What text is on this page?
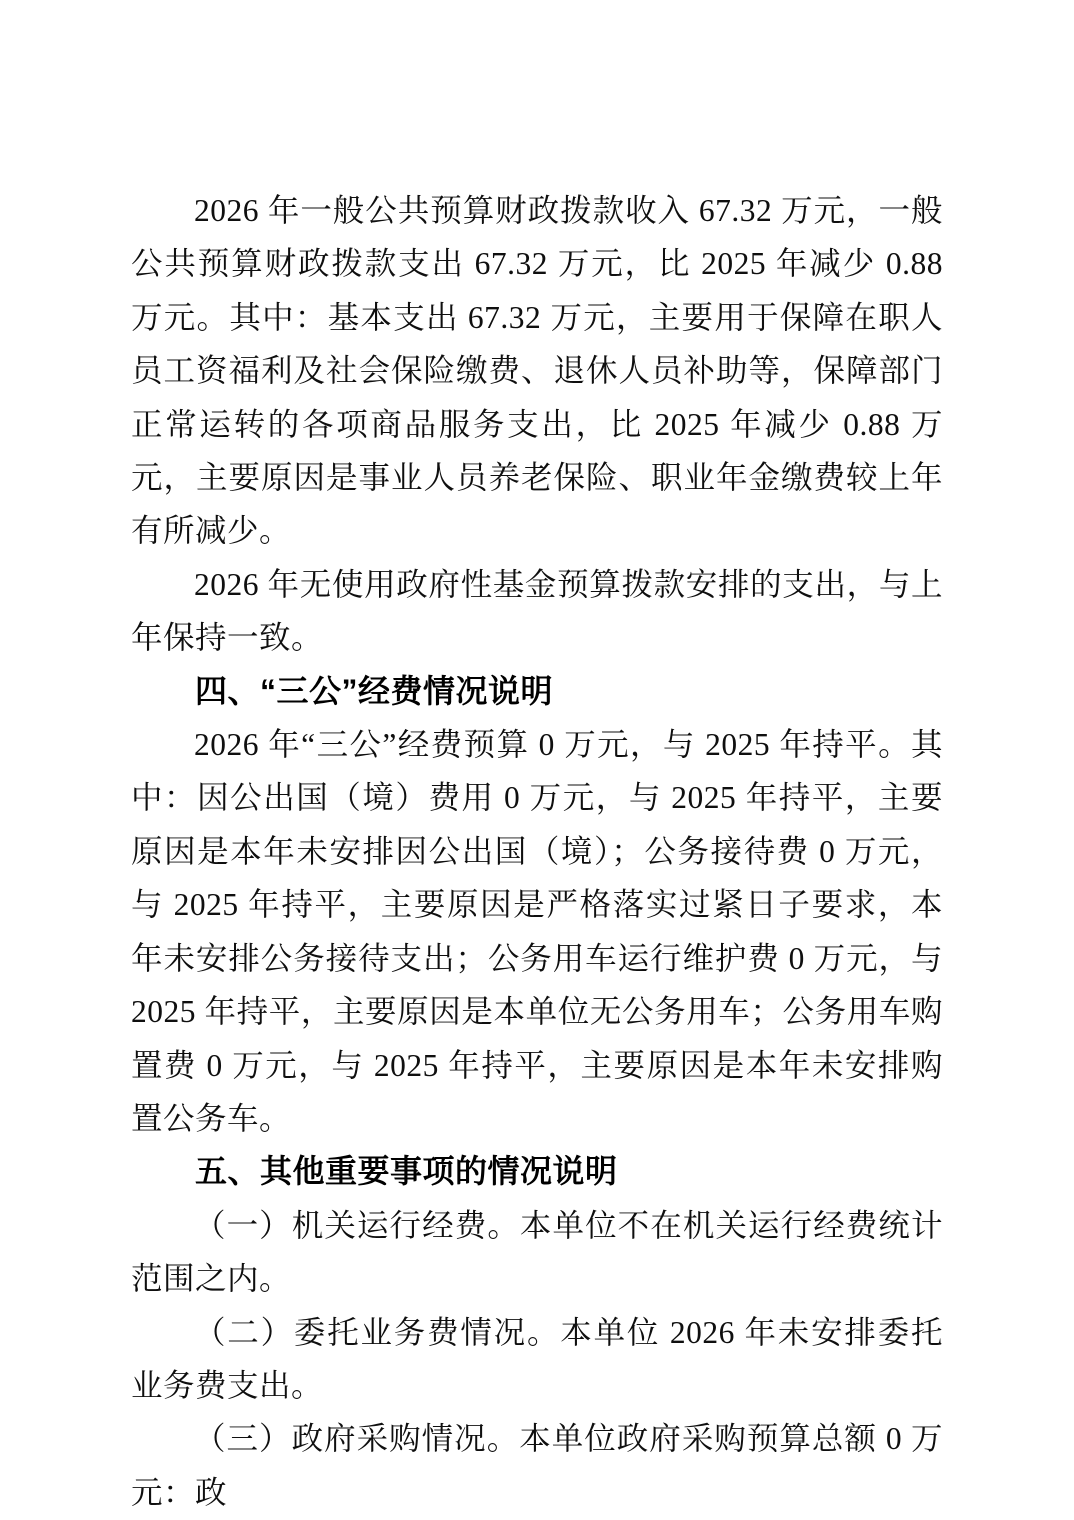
2026 年一般公共预算财政拨款收入 67.32 万元，一般公共预算财政拨款支出 67.32 万元，比 2025 年减少 0.88 万元。其中：基本支出 67.32 万元，主要用于保障在职人员工资福利及社会保险缴费、退休人员补助等，保障部门正常运转的各项商品服务支出，比 2025 年减少 0.88 万元，主要原因是事业人员养老保险、职业年金缴费较上年有所减少。

2026 年无使用政府性基金预算拨款安排的支出，与上年保持一致。

四、“三公”经费情况说明

2026 年“三公”经费预算 0 万元，与 2025 年持平。其中：因公出国（境）费用 0 万元，与 2025 年持平，主要原因是本年未安排因公出国（境）；公务接待费 0 万元，与 2025 年持平，主要原因是严格落实过紧日子要求，本年未安排公务接待支出；公务用车运行维护费 0 万元，与 2025 年持平，主要原因是本单位无公务用车；公务用车购置费 0 万元，与 2025 年持平，主要原因是本年未安排购置公务车。

五、其他重要事项的情况说明

（一）机关运行经费。本单位不在机关运行经费统计范围之内。

（二）委托业务费情况。本单位 2026 年未安排委托业务费支出。

（三）政府采购情况。本单位政府采购预算总额 0 万元：政
